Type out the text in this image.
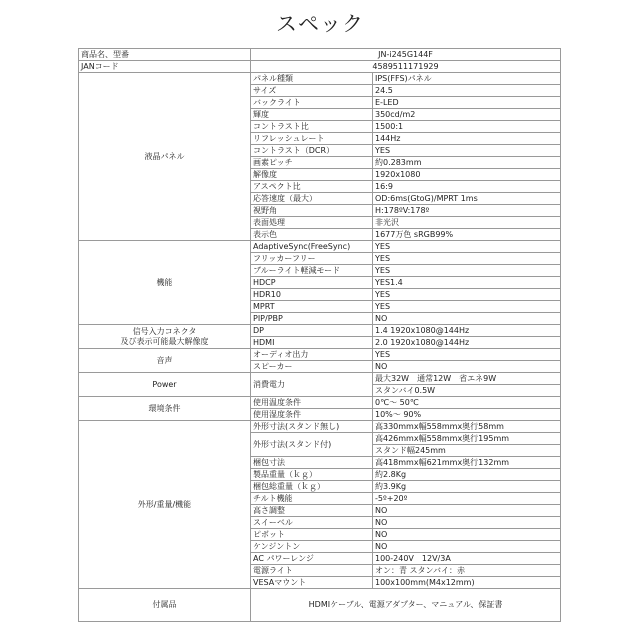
スペック
商品名、型番	JN-i245G144F	
JANコード	4589511171929	
液晶パネル	パネル種類	IPS(FFS)パネル
	サイズ	24.5
	バックライト	E-LED
	輝度	350cd/m2
	コントラスト比	1500:1
	リフレッシュレート	144Hz
	コントラスト（DCR）	YES
	画素ピッチ	約0.283mm
	解像度	1920x1080
	アスペクト比	16:9
	応答速度（最大）	OD:6ms(GtoG)/MPRT 1ms
	視野角	H:178ºV:178º
	表面処理	非光沢
	表示色	1677万色 sRGB99%
機能	AdaptiveSync(FreeSync)	YES
	フリッカーフリー	YES
	ブルーライト軽減モード	YES
	HDCP	YES1.4
	HDR10	YES
	MPRT	YES
	PIP/PBP	NO

信号入力コネクタ
及び表示可能最大解像度	DP	1.4 1920x1080@144Hz
	HDMI	2.0 1920x1080@144Hz
音声	オーディオ出力	YES
	スピーカー	NO
Power	消費電力	最大32W　通常12W　省エネ9W
		スタンバイ0.5W
環境条件	使用温度条件	0℃～ 50℃
	使用湿度条件	10%～ 90%
外形/重量/機能	外形寸法(スタンド無し)	高330mmx幅558mmx奥行58mm
	外形寸法(スタンド付)	高426mmx幅558mmx奥行195mm
		スタンド幅245mm
	梱包寸法	高418mmx幅621mmx奥行132mm
	製品重量（ｋｇ）	約2.8Kg
	梱包総重量（ｋｇ）	約3.9Kg
	チルト機能	-5º+20º
	高さ調整	NO
	スイーベル	NO
	ピボット	NO
	ケンジントン	NO
	AC パワーレンジ	100-240V　12V/3A
	電源ライト	オン：青 スタンバイ：赤
	VESAマウント	100x100mm(M4x12mm)
付属品	HDMIケーブル、電源アダプター、マニュアル、保証書	
